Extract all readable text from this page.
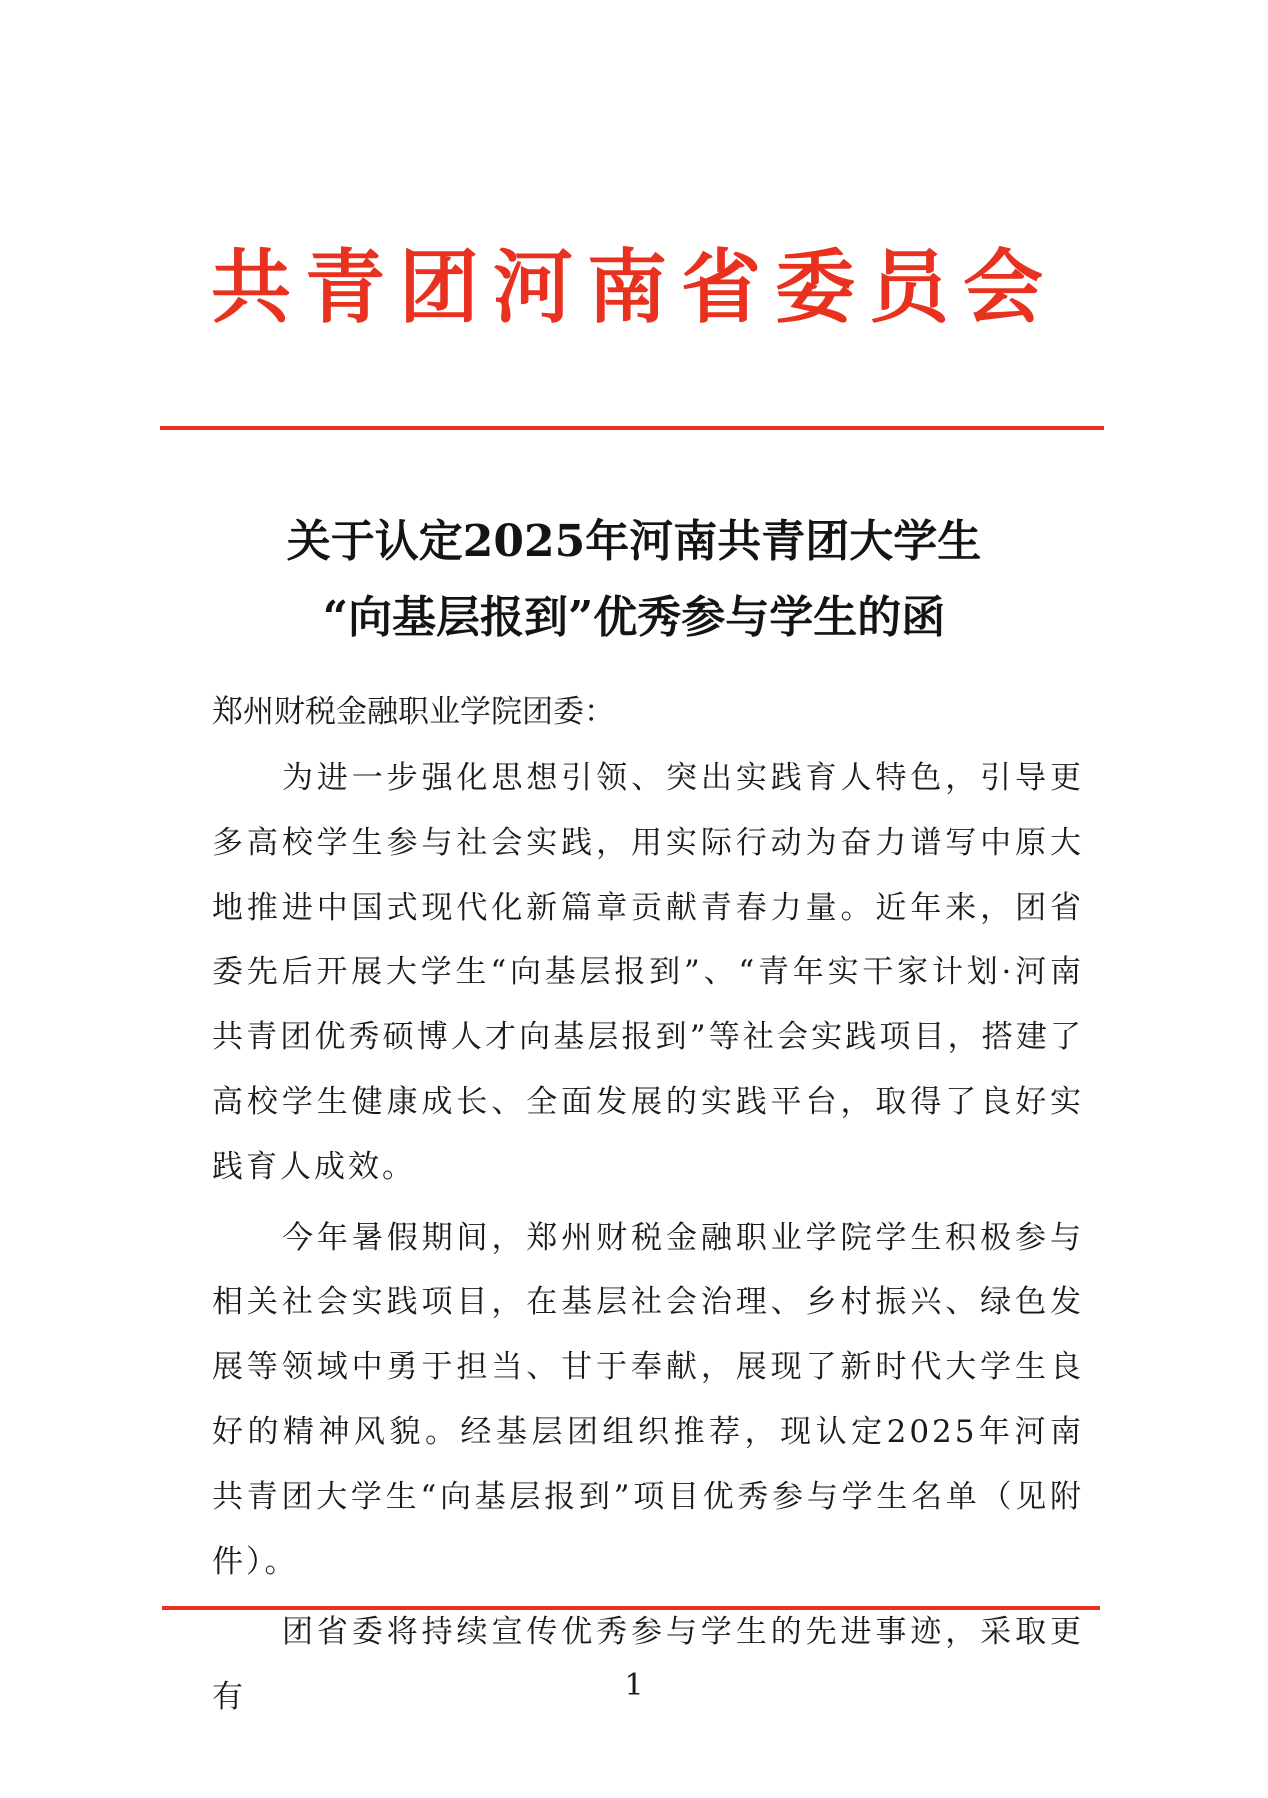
共青团河南省委员会
关于认定2025年河南共青团大学生
“向基层报到”优秀参与学生的函
郑州财税金融职业学院团委：

为进一步强化思想引领、突出实践育人特色，引导更多高校学生参与社会实践，用实际行动为奋力谱写中原大地推进中国式现代化新篇章贡献青春力量。近年来，团省委先后开展大学生“向基层报到”、“青年实干家计划·河南共青团优秀硕博人才向基层报到”等社会实践项目，搭建了高校学生健康成长、全面发展的实践平台，取得了良好实践育人成效。

今年暑假期间，郑州财税金融职业学院学生积极参与相关社会实践项目，在基层社会治理、乡村振兴、绿色发展等领域中勇于担当、甘于奉献，展现了新时代大学生良好的精神风貌。经基层团组织推荐，现认定2025年河南共青团大学生“向基层报到”项目优秀参与学生名单（见附件）。

团省委将持续宣传优秀参与学生的先进事迹，采取更有	1
